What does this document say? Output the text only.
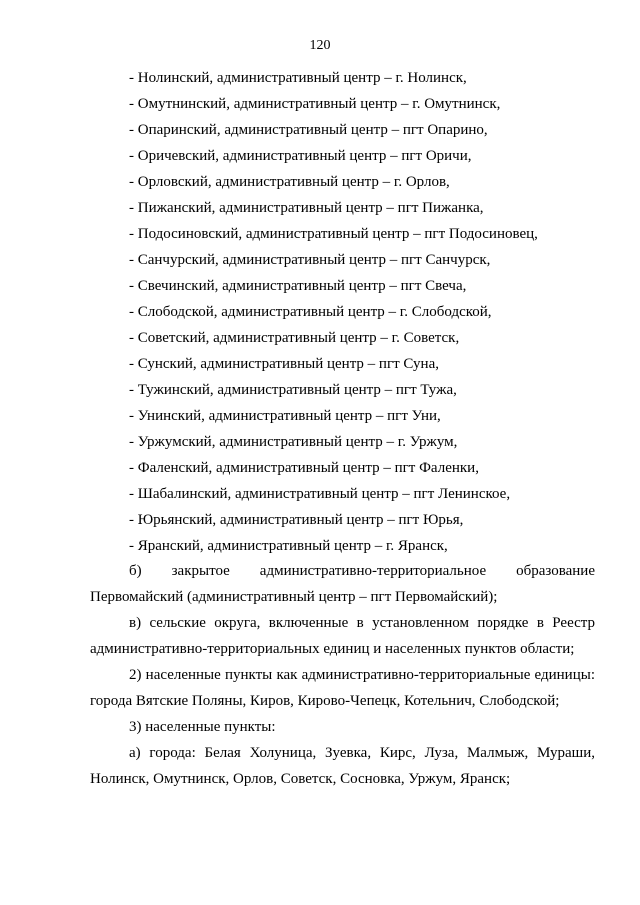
120
- Нолинский, административный центр – г. Нолинск,
- Омутнинский, административный центр – г. Омутнинск,
- Опаринский, административный центр – пгт Опарино,
- Оричевский, административный центр – пгт Оричи,
- Орловский, административный центр – г. Орлов,
- Пижанский, административный центр – пгт Пижанка,
- Подосиновский, административный центр – пгт Подосиновец,
- Санчурский, административный центр – пгт Санчурск,
- Свечинский, административный центр – пгт Свеча,
- Слободской, административный центр – г. Слободской,
- Советский, административный центр – г. Советск,
- Сунский, административный центр – пгт Суна,
- Тужинский, административный центр – пгт Тужа,
- Унинский, административный центр – пгт Уни,
- Уржумский, административный центр – г. Уржум,
- Фаленский, административный центр – пгт Фаленки,
- Шабалинский, административный центр – пгт Ленинское,
- Юрьянский, административный центр – пгт Юрья,
- Яранский, административный центр – г. Яранск,

б) закрытое административно-территориальное образование Первомайский (административный центр – пгт Первомайский);

в) сельские округа, включенные в установленном порядке в Реестр административно-территориальных единиц и населенных пунктов области;

2) населенные пункты как административно-территориальные единицы: города Вятские Поляны, Киров, Кирово-Чепецк, Котельнич, Слободской;

3) населенные пункты:

а) города: Белая Холуница, Зуевка, Кирс, Луза, Малмыж, Мураши, Нолинск, Омутнинск, Орлов, Советск, Сосновка, Уржум, Яранск;
